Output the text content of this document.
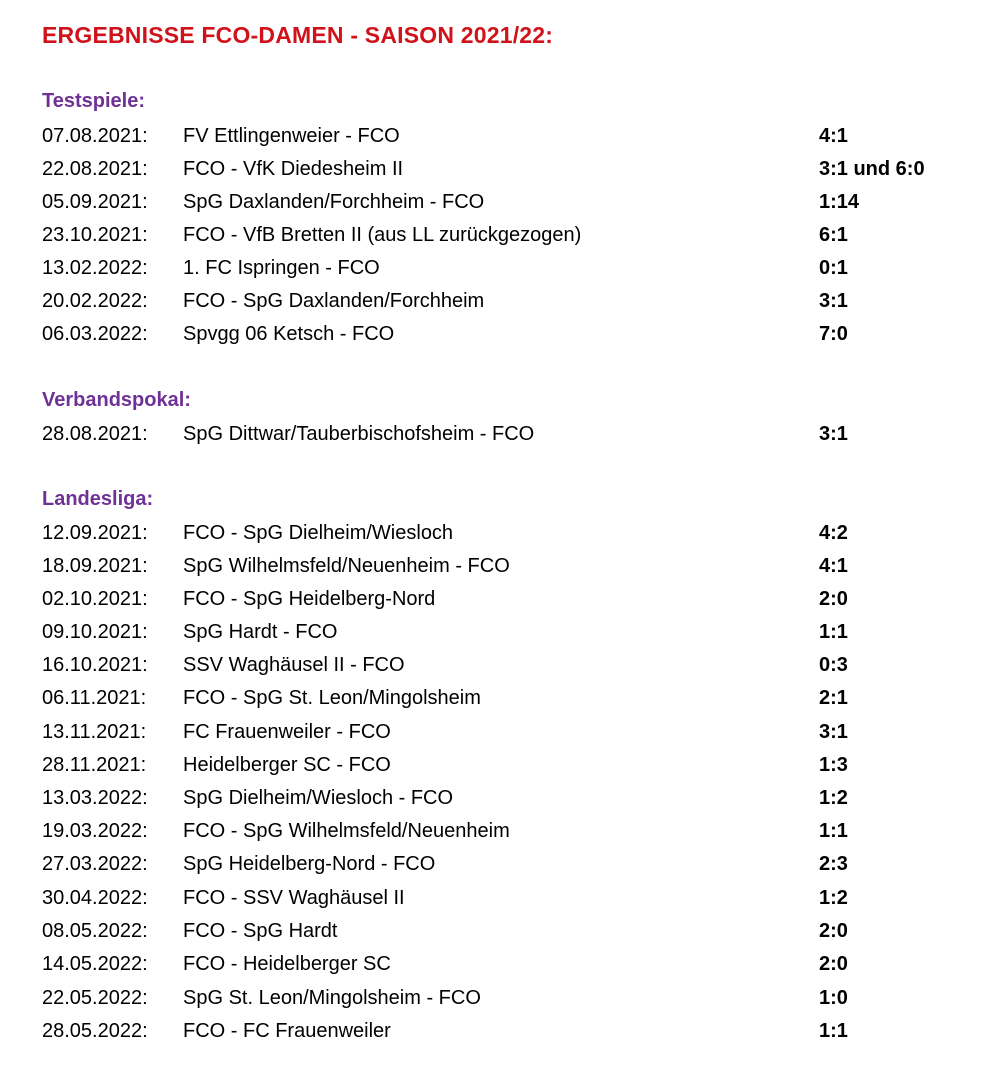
ERGEBNISSE FCO-DAMEN - SAISON 2021/22:
Testspiele:
07.08.2021: FV Ettlingenweier - FCO	4:1
22.08.2021: FCO - VfK Diedesheim II	3:1 und 6:0
05.09.2021: SpG Daxlanden/Forchheim - FCO	1:14
23.10.2021: FCO - VfB Bretten II (aus LL zurückgezogen)	6:1
13.02.2022: 1. FC Ispringen - FCO	0:1
20.02.2022: FCO - SpG Daxlanden/Forchheim	3:1
06.03.2022: Spvgg 06 Ketsch - FCO	7:0
Verbandspokal:
28.08.2021: SpG Dittwar/Tauberbischofsheim - FCO	3:1
Landesliga:
12.09.2021: FCO - SpG Dielheim/Wiesloch	4:2
18.09.2021: SpG Wilhelmsfeld/Neuenheim - FCO	4:1
02.10.2021: FCO - SpG Heidelberg-Nord	2:0
09.10.2021: SpG Hardt - FCO	1:1
16.10.2021: SSV Waghäusel II - FCO	0:3
06.11.2021: FCO - SpG St. Leon/Mingolsheim	2:1
13.11.2021: FC Frauenweiler - FCO	3:1
28.11.2021: Heidelberger SC - FCO	1:3
13.03.2022: SpG Dielheim/Wiesloch - FCO	1:2
19.03.2022: FCO - SpG Wilhelmsfeld/Neuenheim	1:1
27.03.2022: SpG Heidelberg-Nord - FCO	2:3
30.04.2022: FCO - SSV Waghäusel II	1:2
08.05.2022: FCO - SpG Hardt	2:0
14.05.2022: FCO - Heidelberger SC	2:0
22.05.2022: SpG St. Leon/Mingolsheim - FCO	1:0
28.05.2022: FCO - FC Frauenweiler	1:1
